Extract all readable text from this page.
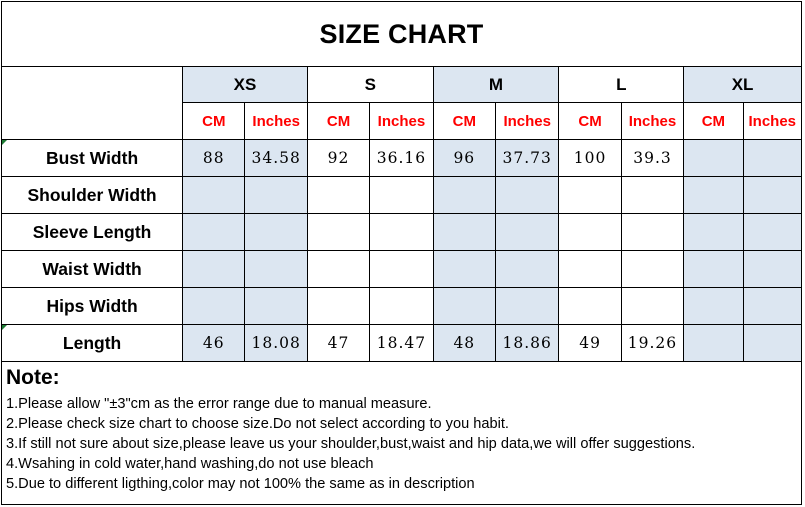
SIZE CHART
	XS		S		M		L		XL	
	CM	Inches	CM	Inches	CM	Inches	CM	Inches	CM	Inches

Bust Width	88	34.58	92	36.16	96	37.73	100	39.3		
Shoulder Width										
Sleeve Length										
Waist Width										
Hips Width										

Length	46	18.08	47	18.47	48	18.86	49	19.26		
Note:
1.Please allow "±3"cm as the error range due to manual measure.
2.Please check size chart to choose size.Do not select according to you habit.
3.If still not sure about size,please leave us your shoulder,bust,waist and hip data,we will offer suggestions.
4.Wsahing in cold water,hand washing,do not use bleach
5.Due to different ligthing,color may not 100% the same as in description
